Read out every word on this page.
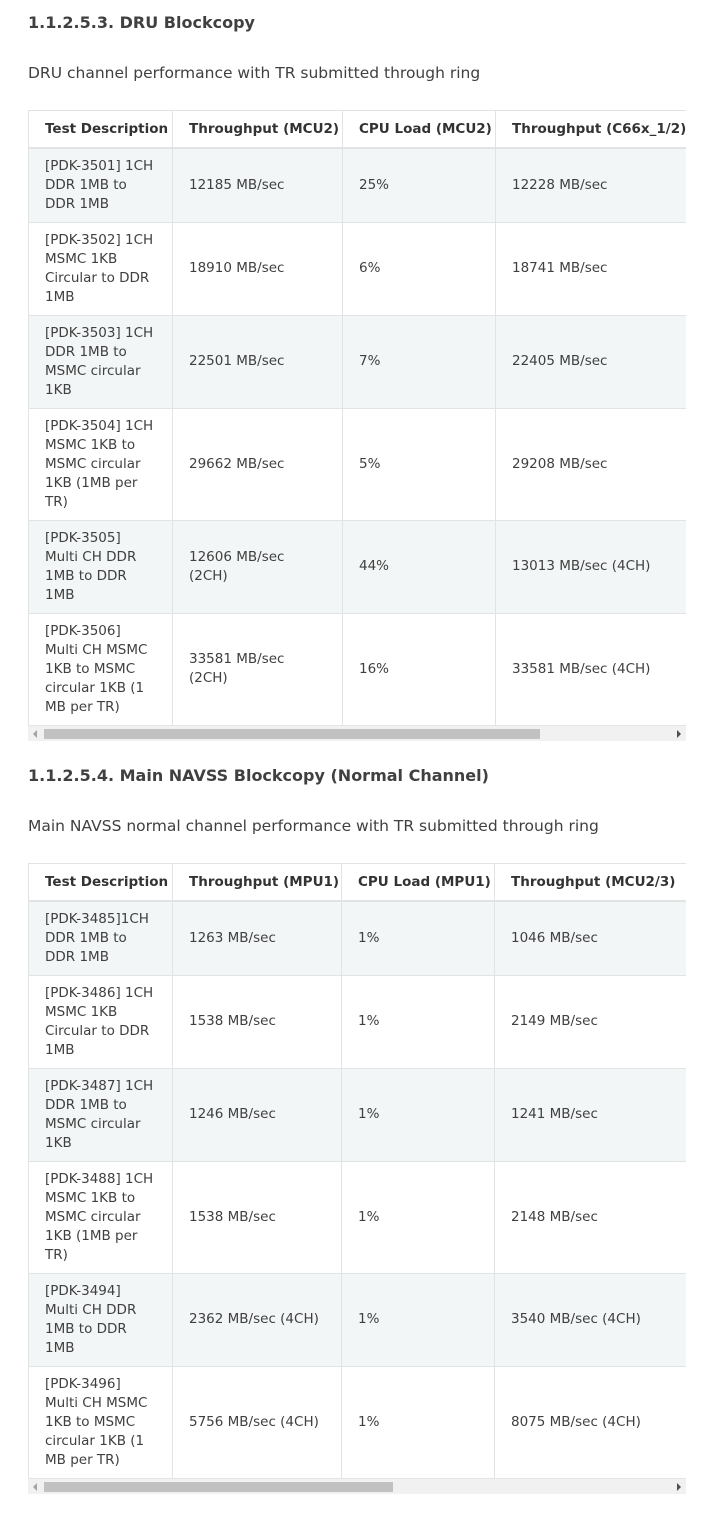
1.1.2.5.3. DRU Blockcopy

DRU channel performance with TR submitted through ring

Test Description	Throughput (MCU2)	CPU Load (MCU2)	Throughput (C66x_1/2)
[PDK-3501] 1CH DDR 1MB to DDR 1MB	12185 MB/sec	25%	12228 MB/sec
[PDK-3502] 1CH MSMC 1KB Circular to DDR 1MB	18910 MB/sec	6%	18741 MB/sec
[PDK-3503] 1CH DDR 1MB to MSMC circular 1KB	22501 MB/sec	7%	22405 MB/sec
[PDK-3504] 1CH MSMC 1KB to MSMC circular 1KB (1MB per TR)	29662 MB/sec	5%	29208 MB/sec
[PDK-3505] Multi CH DDR 1MB to DDR 1MB	12606 MB/sec (2CH)	44%	13013 MB/sec (4CH)
[PDK-3506] Multi CH MSMC 1KB to MSMC circular 1KB (1 MB per TR)	33581 MB/sec (2CH)	16%	33581 MB/sec (4CH)
1.1.2.5.4. Main NAVSS Blockcopy (Normal Channel)

Main NAVSS normal channel performance with TR submitted through ring

Test Description	Throughput (MPU1)	CPU Load (MPU1)	Throughput (MCU2/3)
[PDK-3485]1CH DDR 1MB to DDR 1MB	1263 MB/sec	1%	1046 MB/sec
[PDK-3486] 1CH MSMC 1KB Circular to DDR 1MB	1538 MB/sec	1%	2149 MB/sec
[PDK-3487] 1CH DDR 1MB to MSMC circular 1KB	1246 MB/sec	1%	1241 MB/sec
[PDK-3488] 1CH MSMC 1KB to MSMC circular 1KB (1MB per TR)	1538 MB/sec	1%	2148 MB/sec
[PDK-3494] Multi CH DDR 1MB to DDR 1MB	2362 MB/sec (4CH)	1%	3540 MB/sec (4CH)
[PDK-3496] Multi CH MSMC 1KB to MSMC circular 1KB (1 MB per TR)	5756 MB/sec (4CH)	1%	8075 MB/sec (4CH)
